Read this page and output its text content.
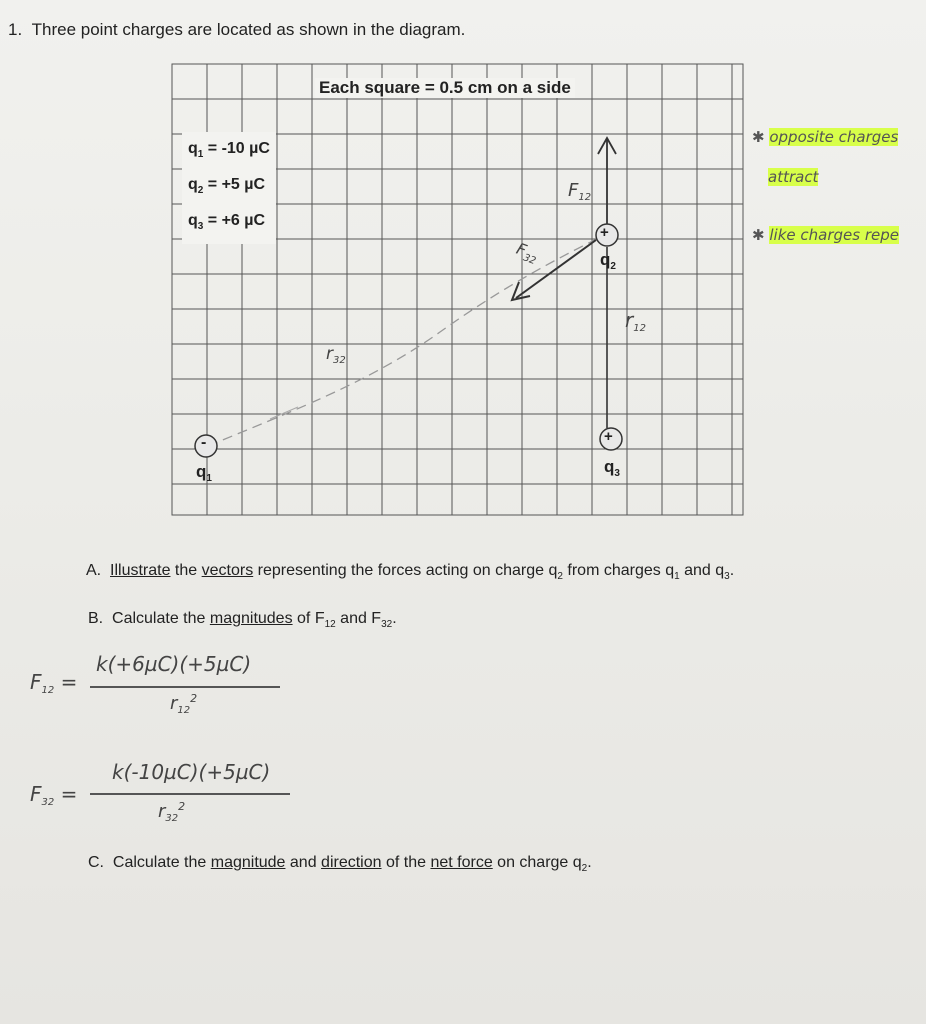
1. Three point charges are located as shown in the diagram.
Each square = 0.5 cm on a side
$q_1 = -10$ µC
$q_2 = +5$ µC
$q_3 = +6$ µC
-
+
+
$q_1$
$q_2$
$q_3$
$F_{12}$
$F_{32}$
$r_{32}$
$r_{12}$
✱ opposite charges
attract
✱ like charges repe
A. Illustrate the vectors representing the forces acting on charge $q_2$ from charges $q_1$ and $q_3$.
B. Calculate the magnitudes of $F_{12}$ and $F_{32}$.
$F_{12}$ =
k(+6µC)(+5µC)
$r_{12}^2$
$F_{32}$ =
k(-10µC)(+5µC)
$r_{32}^2$
C. Calculate the magnitude and direction of the net force on charge $q_2$.
